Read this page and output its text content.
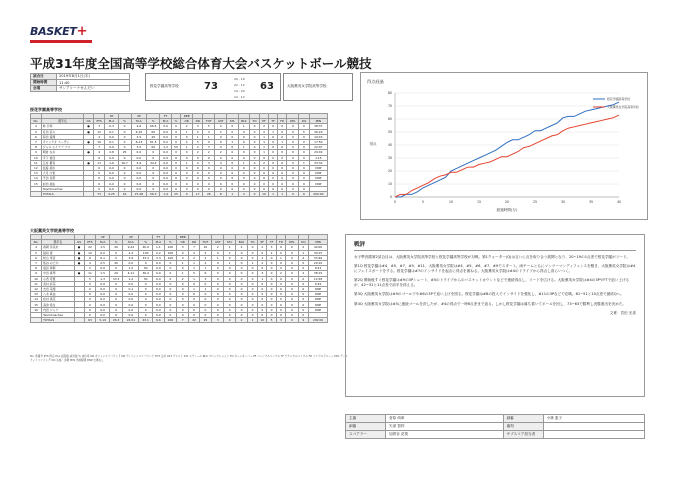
BASKET+
平成31年度全国高等学校総合体育大会バスケットボール競技
試合日	2019年8月1日(木)
開始時間	11:40
会場	サンアリーナせんだい	桜花学園高等学校	73
20 - 19
22 - 12
19 - 20
12 - 12
63	大阪薫英女学院高等学校
桜花学園高等学校
				3P		2P		FT		REB												
No.	選手名	GS	PTS	M-A	%	M-A	%	M-A	%	OR	DR	TOT	AST	STL	BLK	TO	PF	TF	FD	DPL	DQ	MIN
4	林 沙和	●	3	0-3	0	4-6	66.6	0-0	0	2	3	5	0	0	1	0	2	0	0	0	0	38:37
5	有田 菜々	●	12	0-1	0	6-10	60	0-0	0	1	2	3	2	0	0	0	2	1	0	0	5	36:29
6	菊田 遥翔		4	0-0	0	2-5	40	0-0	0	0	1	1	0	0	0	0	1	0	0	0	0	19:43
7	オコンクオ スーザン	●	16	0-1	0	8-13	61.5	0-2	0	4	5	9	0	1	0	0	1	0	1	0	0	17:50
8	ジャル セイナブ ナロ		7	0-0	0	3-5	60	1-2	50	1	2	3	0	0	1	0	1	0	0	0	0	22:07
9	朝倉 なお	●	4	2-8	25	0-0	0	0-0	0	0	2	2	2	0	0	0	1	0	0	0	0	29:49
10	平下 愛佳		0	0-0	0	0-0	0	0-0	0	0	0	0	0	0	0	0	0	0	0	0	0	1:15
11	江村 優有	●	11	1-6	16.7	4-9	44.4	0-0	0	1	2	3	4	0	1	0	2	0	0	0	1	33:32
12	佐藤 美玖		0	0-0	0	0-0	0	0-0	0	0	0	0	0	0	0	0	0	0	0	0	0	DNP
13	大月 沙希		0	0-0	0	0-0	0	0-0	0	0	0	0	0	0	0	0	0	0	0	0	0	DNP
14	平田 佳那		0	0-0	0	0-0	0	0-0	0	0	0	0	0	0	0	0	0	0	0	0	0	DNP
15	前田 美佑		0	0-0	0	0-0	0	0-0	0	0	0	0	0	0	0	0	0	0	0	0	0	DNP
	TeamCoaches		0	0-0	0	0-0	0	0-0	0	0	0	0	0	0	0	0	0	0	0	0	0	
	TOTALS		73	4-25	16	27-48	56.3	1-4	25	9	17	26	8	1	3	0	10	1	1	0	6	200:00
大阪薫英女学院高等学校
				3P		2P		FT		REB												
No.	選手名	GS	PTS	M-A	%	M-A	%	M-A	%	OR	DR	TOT	AST	STL	BLK	TO	PF	TF	FD	DPL	DQ	MIN
4	森岡 奈菜未	●	22	1-5	20	9-22	40.9	1-1	100	3	7	10	2	1	2	0	2	3	0	0	2	40:00
5	稲垣 愛	●	10	0-0	0	4-4	100	2-2	100	0	4	4	0	2	0	0	0	2	0	0	1	30:15
6	籾山 雪音	●	9	0-1	0	3-9	33.3	3-3	100	0	2	2	1	0	0	0	2	0	1	0	4	33:46
7	熊谷 のどか	●	4	2-5	40	0-0	0	0-0	0	1	1	2	0	1	0	1	2	0	0	0	0	29:10
8	塩見 寧都		2	0-0	0	1-2	50	0-0	0	0	1	1	0	0	0	0	0	0	0	0	0	8:43
9	中田 真琴	●	11	1-5	20	4-11	36.4	0-0	0	1	5	6	0	0	0	0	3	0	2	0	2	38:19
10	小西 寿寛		5	1-3	33.3	1-2	50	0-0	0	2	1	3	0	0	0	0	1	0	0	0	0	12:58
11	武村 彩菜		0	0-0	0	0-0	0	0-0	0	0	0	0	0	0	0	0	0	0	0	0	0	6:49
12	吉田 菜緒		0	0-0	0	0-1	0	0-0	0	0	1	1	0	0	0	0	0	0	0	0	0	DNP
13	八木 真由		0	0-0	0	0-0	0	0-0	0	0	0	0	0	0	0	0	0	0	0	0	0	DNP
14	松村 爽花		0	0-0	0	0-0	0	0-0	0	0	0	0	0	0	0	0	0	0	0	0	0	DNP
15	高倉 希生		0	0-0	0	0-0	0	0-0	0	0	0	0	0	0	0	0	0	0	0	0	0	DNP
16	内田 シャナ		0	0-0	0	0-0	0	0-0	0	0	0	0	0	0	0	0	0	0	0	0	0	DNP
	TeamCoaches		0	0-0	0	0-0	0	0-0	0	0	0	0	0	0	0	0	0	0	0	0	0	
	TOTALS		63	5-19	26.3	22-51	43.1	6-6	100	7	22	29	3	4	2	1	10	5	3	0	9	200:00
No. 背番号 PTS 得点 M-A 試投数-成功数 % 成功率 OR オフェンスリバウンド DR ディフェンスリバウンド TOT 合計 AST アシスト STL スティール BLK ブロックショット TO ターンオーバー PF パーソナルファウル TF テクニカルファウル FD ファウルドローン DPL ディスクォリファイング DQ 失格・退場 MIN 出場時間 DNP 出場なし
得点経過
0
10
20
30
40
50
60
70
80
0	5	10	15	20	25	30	35	40
経過時間(分)
得点
桜花学園高等学校
大阪薫英女学院高等学校
戦評

女子準決勝第2試合目は、大阪薫英女学院高等学校と桜花学園高等学校が対戦。第1クォーター(Q)は互いに点を取り合う展開となり、20−19の1点差で桜花学園がリード。

第1Q 桜花学園は#4、#5、#7、#9、#11、大阪薫英女学院は#4、#5、#6、#7、#9でスタート。両チームともにマンツーマンディフェンスを敷き、大阪薫英女学院は#4にフェイスガードをする。桜花学園は#7のインサイドを起点に得点を重ねる。大阪薫英女学院は#4のドライブから得点し食らいつく。

第2Q 開始後すぐ桜花学園は#9の3Pシュート、#5のドライブからのバスケットカウントなどで連続得点し、リードを広げる。大阪薫英女学院は#4の3PやFTで追い上げるが、42−31と11点差で前半を終える。

第3Q 大阪薫英女学院は#9のゴール下や#6の3Pで追い上げを図る。桜花学園は#8の投入でインサイドを強化し、#11の3Pなどで応戦。61−51と10点差で最終Qへ。

第4Q 大阪薫英女学院は#5に連続ゴールを許したが、#4の得点で一時6点差まで迫る。しかし桜花学園は落ち着いてボールを回し、73−63で勝利し決勝進出を決めた。

文責：宮田 光喜
主審	菅原 尚軍	副審	小林 恵子
副審	矢部 智梓	審判	
スコアラー	加賀谷 花梨	サブスコア担当者	
